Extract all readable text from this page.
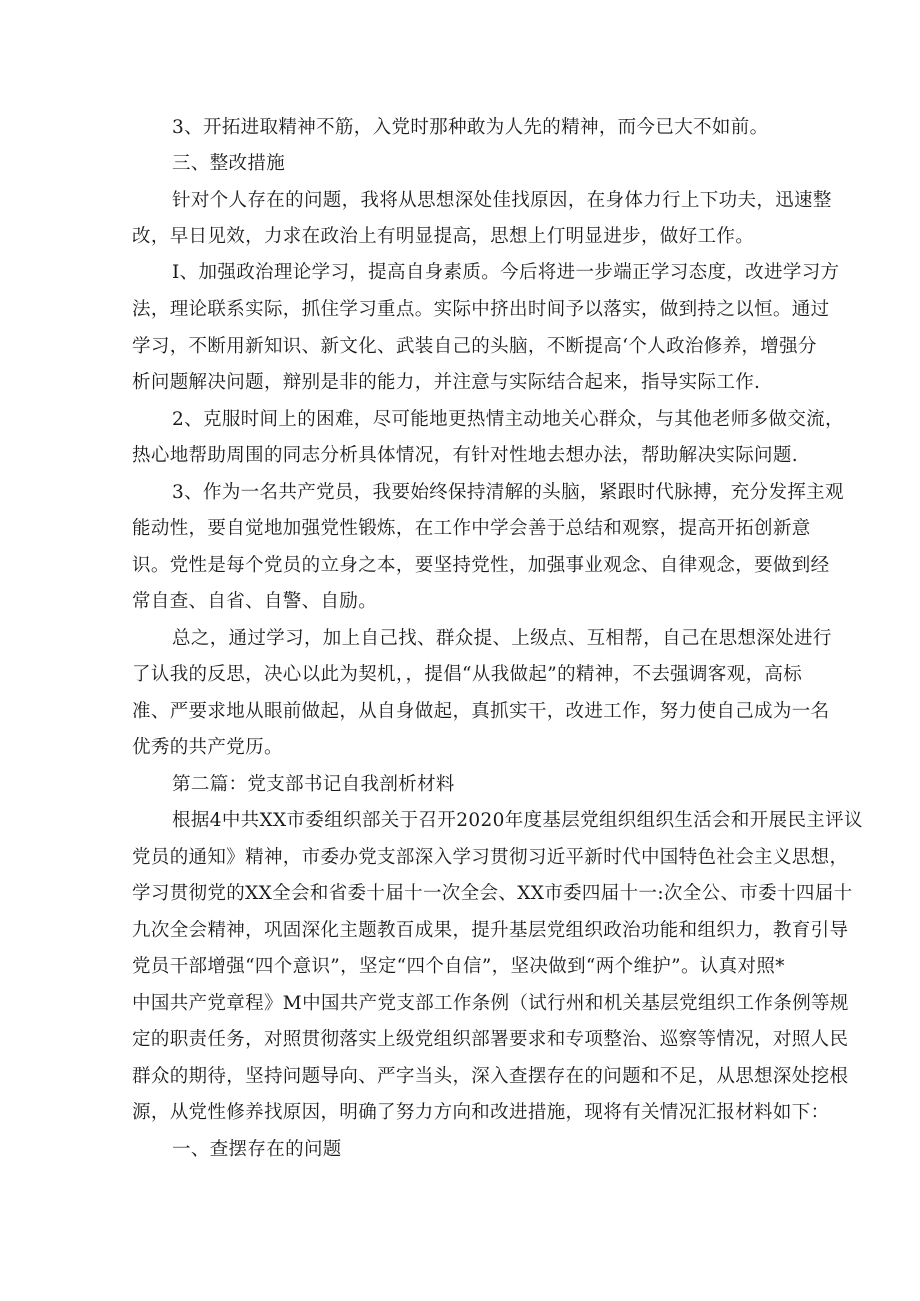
3、开拓进取精神不筋，入党时那种敢为人先的精神，而今已大不如前。
三、整改措施
针对个人存在的问题，我将从思想深处佳找原因，在身体力行上下功夫，迅速整
改，早日见效，力求在政治上有明显提高，思想上仃明显进步，做好工作。
I、加强政治理论学习，提高自身素质。今后将进一步端正学习态度，改进学习方
法，理论联系实际，抓住学习重点。实际中挤出时间予以落实，做到持之以恒。通过
学习，不断用新知识、新文化、武装自己的头脑，不断提高‘个人政治修养，增强分
析问题解决问题，辩别是非的能力，并注意与实际结合起来，指导实际工作.
2、克服时间上的困难，尽可能地更热情主动地关心群众，与其他老师多做交流，
热心地帮助周围的同志分析具体情况，有针对性地去想办法，帮助解决实际问题.
3、作为一名共产党员，我要始终保持清解的头脑，紧跟时代脉搏，充分发挥主观
能动性，要自觉地加强党性锻炼，在工作中学会善于总结和观察，提高开拓创新意
识。党性是每个党员的立身之本，要坚持党性，加强事业观念、自律观念，要做到经
常自查、自省、自警、自励。
总之，通过学习，加上自己找、群众提、上级点、互相帮，自己在思想深处进行
了认我的反思，决心以此为契机，，提倡“从我做起”的精神，不去强调客观，高标
准、严要求地从眼前做起，从自身做起，真抓实干，改进工作，努力使自己成为一名
优秀的共产党历。
第二篇：党支部书记自我剖析材料
根据4中共XX市委组织部关于召开2020年度基层党组织组织生活会和开展民主评议
党员的通知》精神，市委办党支部深入学习贯彻习近平新时代中国特色社会主义思想，
学习贯彻党的XX全会和省委十届十一次全会、XX市委四届十一:次全公、市委十四届十
九次全会精神，巩固深化主题教百成果，提升基层党组织政治功能和组织力，教育引导
党员干部增强“四个意识”，坚定“四个自信”，坚决做到“两个维护”。认真对照*
中国共产党章程》M中国共产党支部工作条例（试行州和机关基层党组织工作条例等规
定的职责任务，对照贯彻落实上级党组织部署要求和专项整治、巡察等情况，对照人民
群众的期待，坚持问题导向、严字当头，深入查摆存在的问题和不足，从思想深处挖根
源，从党性修养找原因，明确了努力方向和改进措施，现将有关情况汇报材料如下：
一、查摆存在的问题
